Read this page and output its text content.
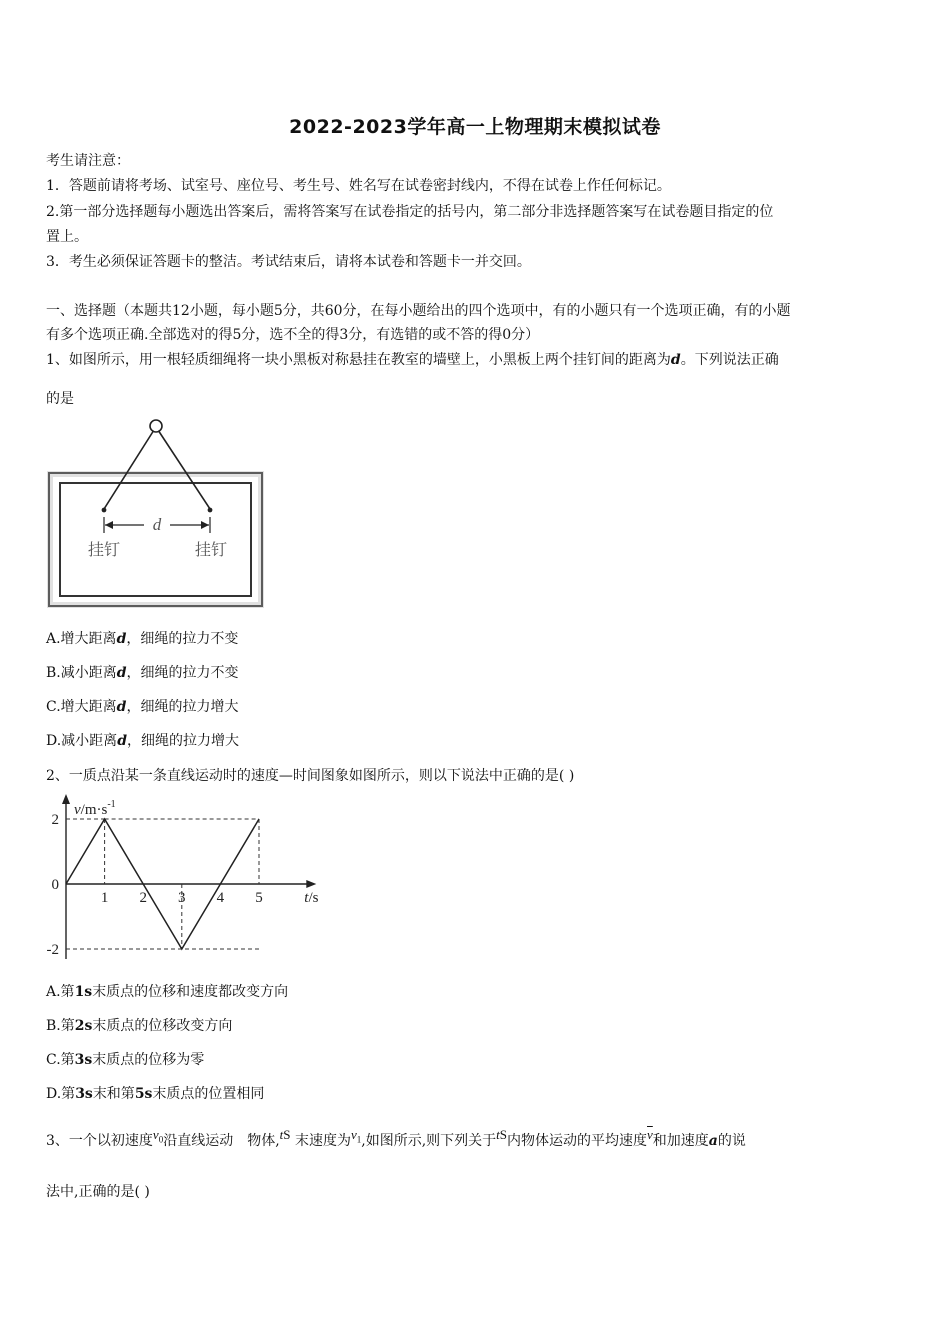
2022-2023学年高一上物理期末模拟试卷
考生请注意：
1．答题前请将考场、试室号、座位号、考生号、姓名写在试卷密封线内，不得在试卷上作任何标记。
2.第一部分选择题每小题选出答案后，需将答案写在试卷指定的括号内，第二部分非选择题答案写在试卷题目指定的位
置上。
3．考生必须保证答题卡的整洁。考试结束后，请将本试卷和答题卡一并交回。
一、选择题（本题共12小题，每小题5分，共60分，在每小题给出的四个选项中，有的小题只有一个选项正确，有的小题
有多个选项正确.全部选对的得5分，选不全的得3分，有选错的或不答的得0分）
1、如图所示，用一根轻质细绳将一块小黑板对称悬挂在教室的墙壁上，小黑板上两个挂钉间的距离为d。下列说法正确
的是
d
挂钉	挂钉
A.增大距离d，细绳的拉力不变
B.减小距离d，细绳的拉力不变
C.增大距离d，细绳的拉力增大
D.减小距离d，细绳的拉力增大
2、一质点沿某一条直线运动时的速度—时间图象如图所示，则以下说法中正确的是( )
1 2 3 4 5
2
-2
0
$v/m\cdot s^{-1}$
t/s
A.第1s末质点的位移和速度都改变方向
B.第2s末质点的位移改变方向
C.第3s末质点的位移为零
D.第3s末和第5s末质点的位置相同
3、一个以初速度$v_0$沿直线运动　物体,tS 末速度为$v_1$,如图所示,则下列关于tS内物体运动的平均速度$\overline{v}$和加速度a的说
法中,正确的是( )
